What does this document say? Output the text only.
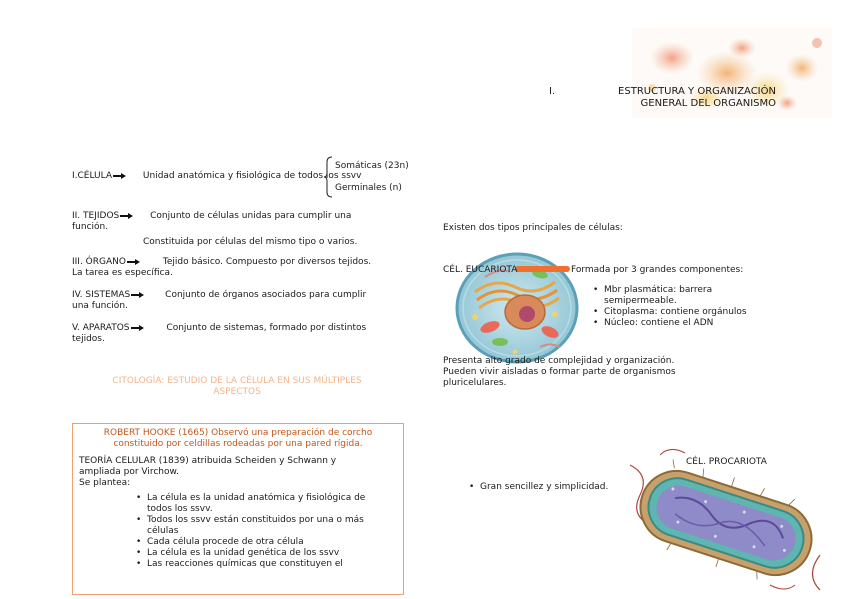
I.	ESTRUCTURA Y ORGANIZACIÓN
GENERAL DEL ORGANISMO
I.CÉLULA	Unidad anatómica y fisiológica de todos los ssvv
Somáticas (23n)
Germinales (n)
II. TEJIDOS	Conjunto de células unidas para cumplir una
función.
Constituida por células del mismo tipo o varios.
III. ÓRGANO	Tejido básico. Compuesto por diversos tejidos.
La tarea es específica.
IV. SISTEMAS	Conjunto de órganos asociados para cumplir
una función.
V. APARATOS	Conjunto de sistemas, formado por distintos
tejidos.
CITOLOGÍA: ESTUDIO DE LA CÉLULA EN SUS MÚLTIPLES
ASPECTOS
ROBERT HOOKE (1665) Observó una preparación de corcho
constituido por celdillas rodeadas por una pared rígida.
TEORÍA CELULAR (1839) atribuida Scheiden y Schwann y
ampliada por Virchow.
Se plantea:
• La célula es la unidad anatómica y fisiológica de
todos los ssvv.
• Todos los ssvv están constituidos por una o más
células
• Cada célula procede de otra célula
• La célula es la unidad genética de los ssvv
• Las reacciones químicas que constituyen el
Existen dos tipos principales de células:
CÉL. EUCARIOTA	Formada por 3 grandes componentes:
• Mbr plasmática: barrera
semipermeable.
• Citoplasma: contiene orgánulos
• Núcleo: contiene el ADN
Presenta alto grado de complejidad y organización.
Pueden vivir aisladas o formar parte de organismos
pluricelulares.
CÉL. PROCARIOTA
• Gran sencillez y simplicidad.
